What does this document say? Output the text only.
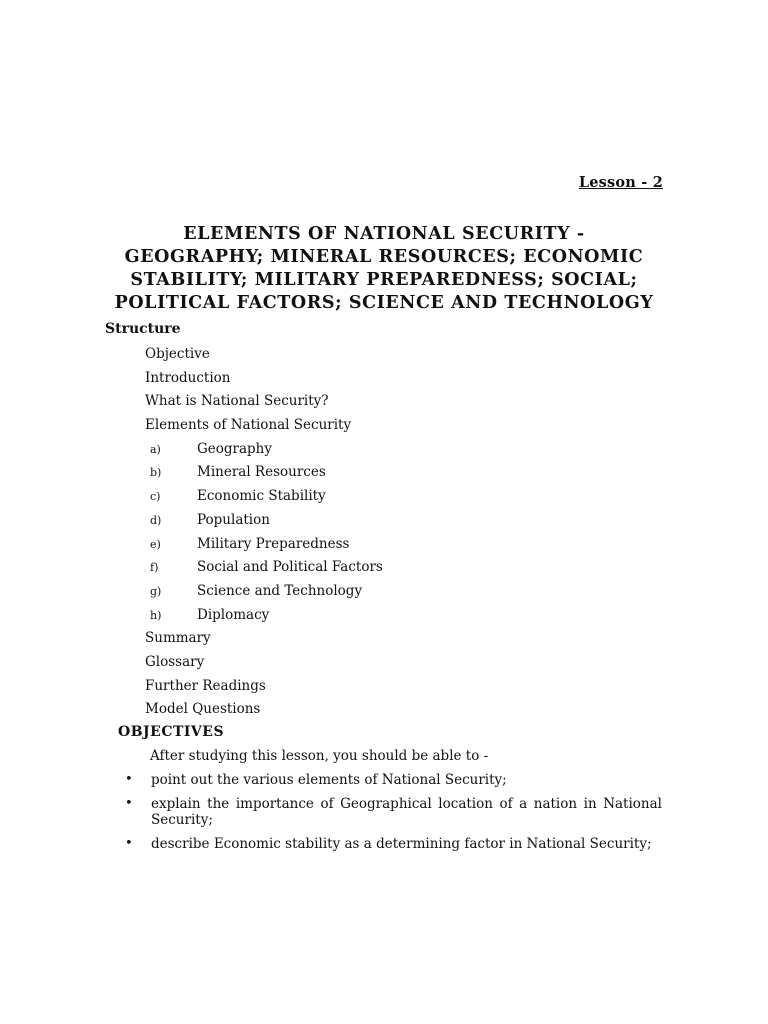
Lesson - 2
ELEMENTS OF NATIONAL SECURITY -
GEOGRAPHY; MINERAL RESOURCES; ECONOMIC
STABILITY; MILITARY PREPAREDNESS; SOCIAL;
POLITICAL FACTORS; SCIENCE AND TECHNOLOGY
Structure
Objective
Introduction
What is National Security?
Elements of National Security
a)	Geography
b)	Mineral Resources
c)	Economic Stability
d)	Population
e)	Military Preparedness
f)	Social and Political Factors
g)	Science and Technology
h)	Diplomacy
Summary
Glossary
Further Readings
Model Questions
OBJECTIVES
After studying this lesson, you should be able to -
• point out the various elements of National Security;
• explain the importance of Geographical location of a nation in National Security;
• describe Economic stability as a determining factor in National Security;
